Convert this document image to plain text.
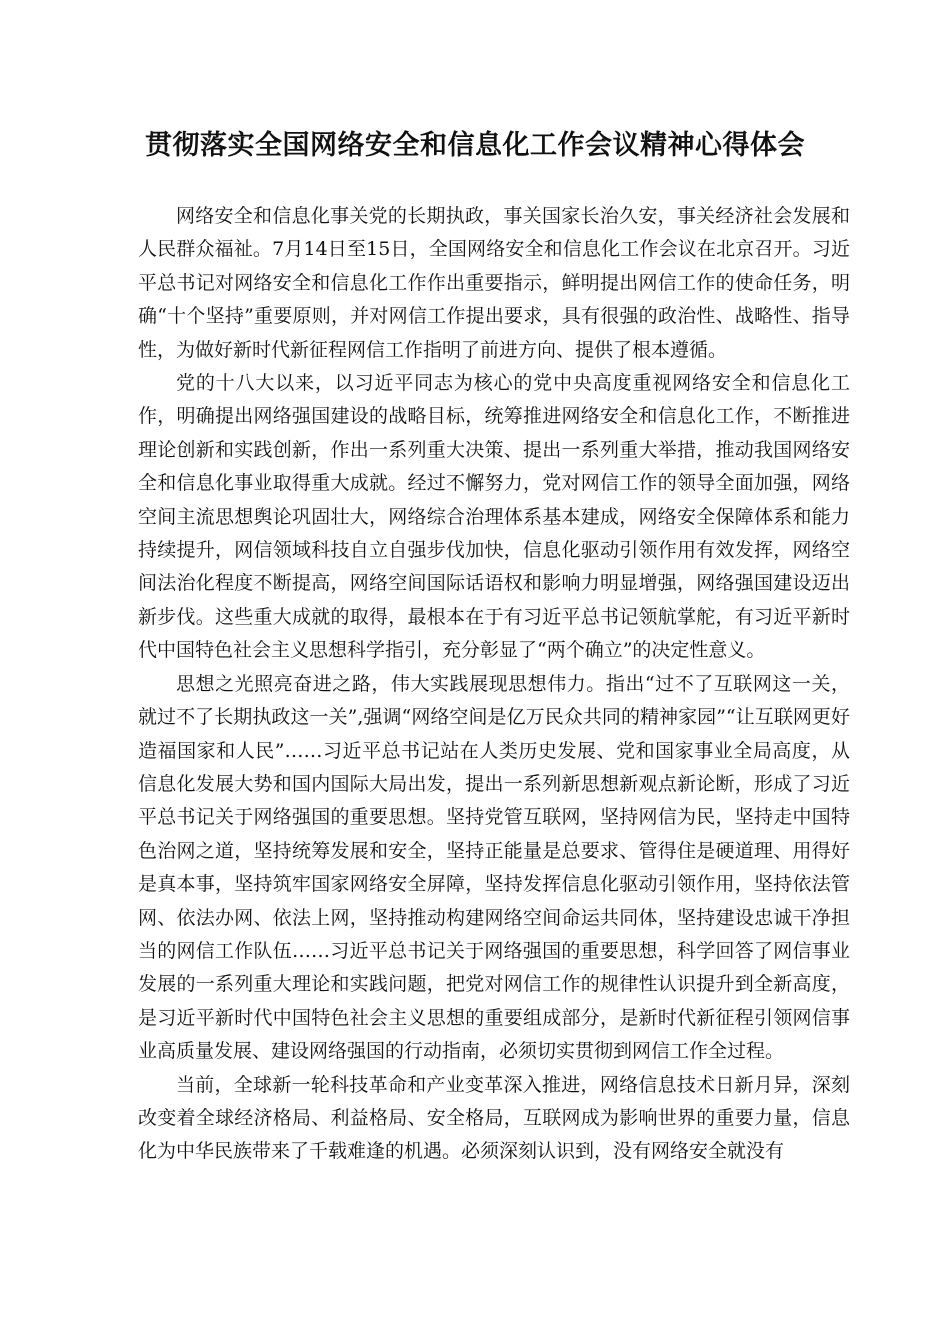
贯彻落实全国网络安全和信息化工作会议精神心得体会

网络安全和信息化事关党的长期执政，事关国家长治久安，事关经济社会发展和人民群众福祉。7月14日至15日，全国网络安全和信息化工作会议在北京召开。习近平总书记对网络安全和信息化工作作出重要指示，鲜明提出网信工作的使命任务，明确“十个坚持”重要原则，并对网信工作提出要求，具有很强的政治性、战略性、指导性，为做好新时代新征程网信工作指明了前进方向、提供了根本遵循。

党的十八大以来，以习近平同志为核心的党中央高度重视网络安全和信息化工作，明确提出网络强国建设的战略目标，统筹推进网络安全和信息化工作，不断推进理论创新和实践创新，作出一系列重大决策、提出一系列重大举措，推动我国网络安全和信息化事业取得重大成就。经过不懈努力，党对网信工作的领导全面加强，网络空间主流思想舆论巩固壮大，网络综合治理体系基本建成，网络安全保障体系和能力持续提升，网信领域科技自立自强步伐加快，信息化驱动引领作用有效发挥，网络空间法治化程度不断提高，网络空间国际话语权和影响力明显增强，网络强国建设迈出新步伐。这些重大成就的取得，最根本在于有习近平总书记领航掌舵，有习近平新时代中国特色社会主义思想科学指引，充分彰显了“两个确立”的决定性意义。

思想之光照亮奋进之路，伟大实践展现思想伟力。指出“过不了互联网这一关，就过不了长期执政这一关”,强调“网络空间是亿万民众共同的精神家园”“让互联网更好造福国家和人民”……习近平总书记站在人类历史发展、党和国家事业全局高度，从信息化发展大势和国内国际大局出发，提出一系列新思想新观点新论断，形成了习近平总书记关于网络强国的重要思想。坚持党管互联网，坚持网信为民，坚持走中国特色治网之道，坚持统筹发展和安全，坚持正能量是总要求、管得住是硬道理、用得好是真本事，坚持筑牢国家网络安全屏障，坚持发挥信息化驱动引领作用，坚持依法管网、依法办网、依法上网，坚持推动构建网络空间命运共同体，坚持建设忠诚干净担当的网信工作队伍……习近平总书记关于网络强国的重要思想，科学回答了网信事业发展的一系列重大理论和实践问题，把党对网信工作的规律性认识提升到全新高度，是习近平新时代中国特色社会主义思想的重要组成部分，是新时代新征程引领网信事业高质量发展、建设网络强国的行动指南，必须切实贯彻到网信工作全过程。

当前，全球新一轮科技革命和产业变革深入推进，网络信息技术日新月异，深刻改变着全球经济格局、利益格局、安全格局，互联网成为影响世界的重要力量，信息化为中华民族带来了千载难逢的机遇。必须深刻认识到，没有网络安全就没有
